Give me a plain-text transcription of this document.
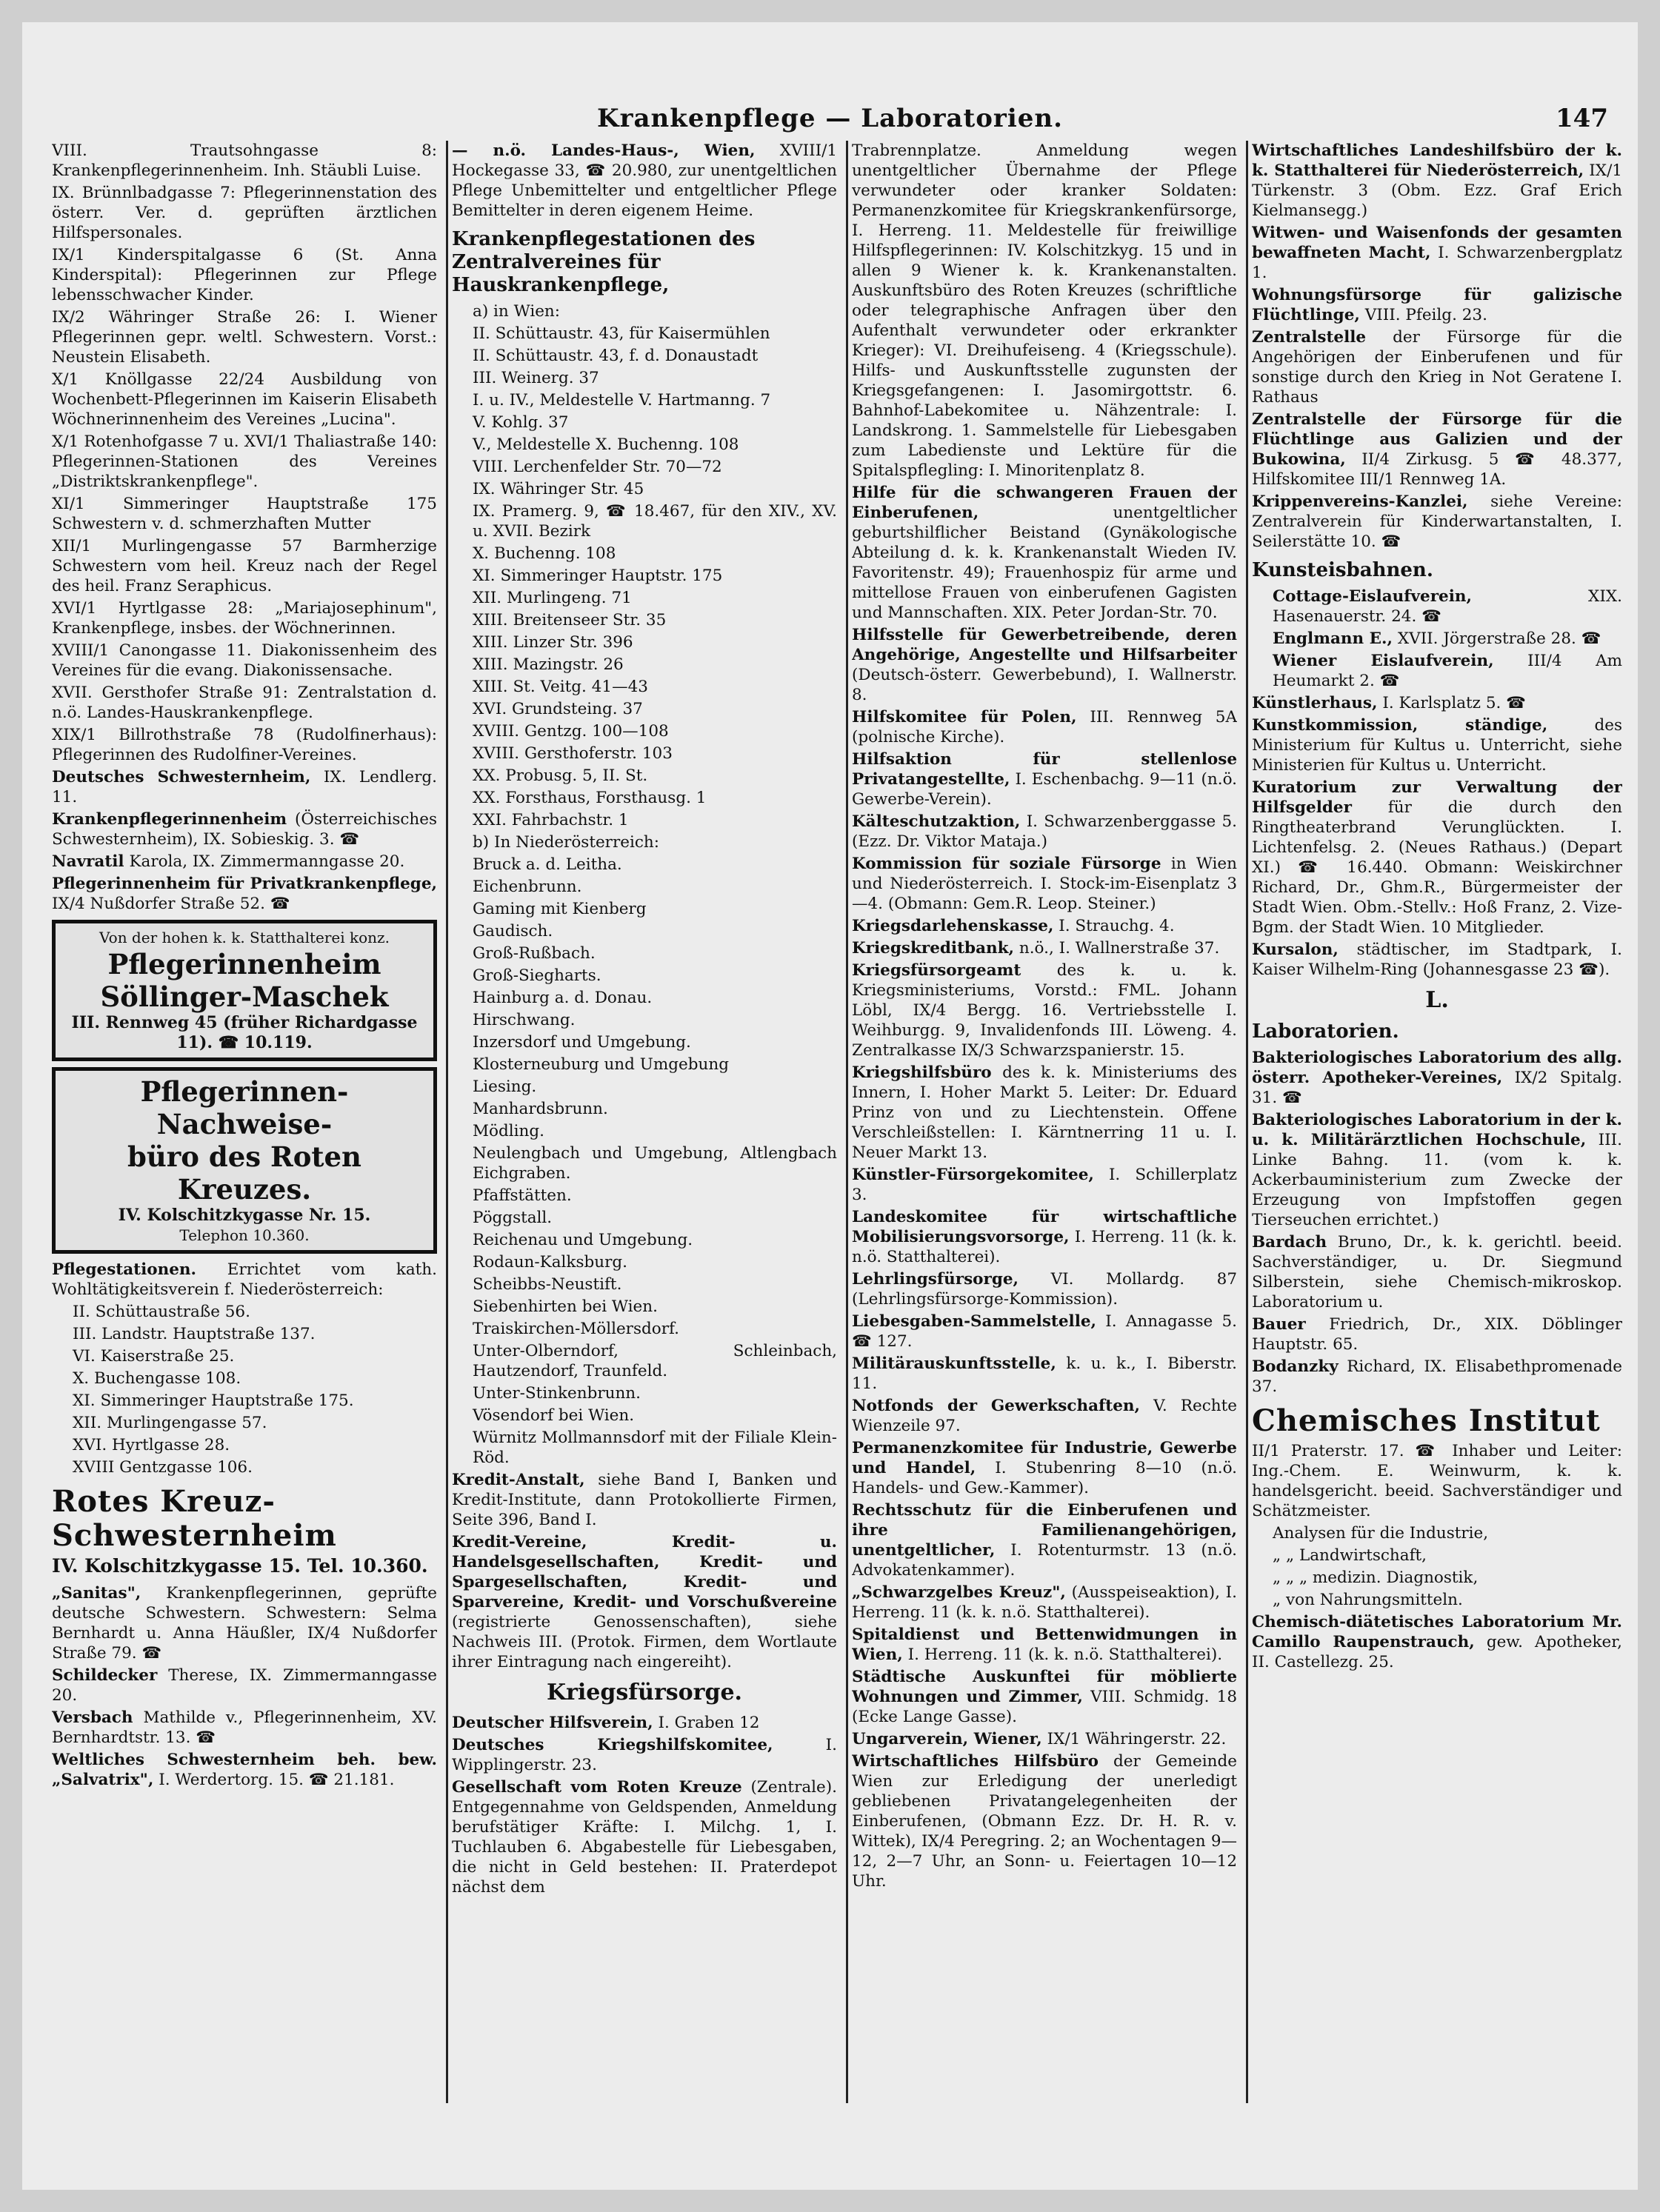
Krankenpflege — Laboratorien.	147
VIII. Trautsohngasse 8: Krankenpflegerinnenheim. Inh. Stäubli Luise.
IX. Brünnlbadgasse 7: Pflegerinnenstation des österr. Ver. d. geprüften ärztlichen Hilfspersonales.
IX/1 Kinderspitalgasse 6 (St. Anna Kinderspital): Pflegerinnen zur Pflege lebensschwacher Kinder.
IX/2 Währinger Straße 26: I. Wiener Pflegerinnen gepr. weltl. Schwestern. Vorst.: Neustein Elisabeth.
X/1 Knöllgasse 22/24 Ausbildung von Wochenbett-Pflegerinnen im Kaiserin Elisabeth Wöchnerinnenheim des Vereines „Lucina".
X/1 Rotenhofgasse 7 u. XVI/1 Thaliastraße 140: Pflegerinnen-Stationen des Vereines „Distriktskrankenpflege".
XI/1 Simmeringer Hauptstraße 175 Schwestern v. d. schmerzhaften Mutter
XII/1 Murlingengasse 57 Barmherzige Schwestern vom heil. Kreuz nach der Regel des heil. Franz Seraphicus.
XVI/1 Hyrtlgasse 28: „Mariajosephinum", Krankenpflege, insbes. der Wöchnerinnen.
XVIII/1 Canongasse 11. Diakonissenheim des Vereines für die evang. Diakonissensache.
XVII. Gersthofer Straße 91: Zentralstation d. n.ö. Landes-Hauskrankenpflege.
XIX/1 Billrothstraße 78 (Rudolfinerhaus): Pflegerinnen des Rudolfiner-Vereines.
Deutsches Schwesternheim, IX. Lendlerg. 11.
Krankenpflegerinnenheim (Österreichisches Schwesternheim), IX. Sobieskig. 3. ☎
Navratil Karola, IX. Zimmermanngasse 20.
Pflegerinnenheim für Privatkrankenpflege, IX/4 Nußdorfer Straße 52. ☎
Von der hohen k. k. Statthalterei konz.
Pflegerinnenheim
Söllinger-Maschek
III. Rennweg 45 (früher Richardgasse 11). ☎ 10.119.
Pflegerinnen-Nachweise-
büro des Roten Kreuzes.
IV. Kolschitzkygasse Nr. 15.
Telephon 10.360.
Pflegestationen. Errichtet vom kath. Wohltätigkeitsverein f. Niederösterreich:
II. Schüttaustraße 56.
III. Landstr. Hauptstraße 137.
VI. Kaiserstraße 25.
X. Buchengasse 108.
XI. Simmeringer Hauptstraße 175.
XII. Murlingengasse 57.
XVI. Hyrtlgasse 28.
XVIII Gentzgasse 106.
Rotes Kreuz-Schwesternheim
IV. Kolschitzkygasse 15. Tel. 10.360.
„Sanitas", Krankenpflegerinnen, geprüfte deutsche Schwestern. Schwestern: Selma Bernhardt u. Anna Häußler, IX/4 Nußdorfer Straße 79. ☎
Schildecker Therese, IX. Zimmermanngasse 20.
Versbach Mathilde v., Pflegerinnenheim, XV. Bernhardtstr. 13. ☎
Weltliches Schwesternheim beh. bew. „Salvatrix", I. Werdertorg. 15. ☎ 21.181.
— n.ö. Landes-Haus-, Wien, XVIII/1 Hockegasse 33, ☎ 20.980, zur unentgeltlichen Pflege Unbemittelter und entgeltlicher Pflege Bemittelter in deren eigenem Heime.
Krankenpflegestationen des Zentralvereines für Hauskrankenpflege,
a) in Wien:
II. Schüttaustr. 43, für Kaisermühlen
II. Schüttaustr. 43, f. d. Donaustadt
III. Weinerg. 37
I. u. IV., Meldestelle V. Hartmanng. 7
V. Kohlg. 37
V., Meldestelle X. Buchenng. 108
VIII. Lerchenfelder Str. 70—72
IX. Währinger Str. 45
IX. Pramerg. 9, ☎ 18.467, für den XIV., XV. u. XVII. Bezirk
X. Buchenng. 108
XI. Simmeringer Hauptstr. 175
XII. Murlingeng. 71
XIII. Breitenseer Str. 35
XIII. Linzer Str. 396
XIII. Mazingstr. 26
XIII. St. Veitg. 41—43
XVI. Grundsteing. 37
XVIII. Gentzg. 100—108
XVIII. Gersthoferstr. 103
XX. Probusg. 5, II. St.
XX. Forsthaus, Forsthausg. 1
XXI. Fahrbachstr. 1
b) In Niederösterreich:
Bruck a. d. Leitha.
Eichenbrunn.
Gaming mit Kienberg
Gaudisch.
Groß-Rußbach.
Groß-Siegharts.
Hainburg a. d. Donau.
Hirschwang.
Inzersdorf und Umgebung.
Klosterneuburg und Umgebung
Liesing.
Manhardsbrunn.
Mödling.
Neulengbach und Umgebung, Altlengbach Eichgraben.
Pfaffstätten.
Pöggstall.
Reichenau und Umgebung.
Rodaun-Kalksburg.
Scheibbs-Neustift.
Siebenhirten bei Wien.
Traiskirchen-Möllersdorf.
Unter-Olberndorf, Schleinbach, Hautzendorf, Traunfeld.
Unter-Stinkenbrunn.
Vösendorf bei Wien.
Würnitz Mollmannsdorf mit der Filiale Klein-Röd.
Kredit-Anstalt, siehe Band I, Banken und Kredit-Institute, dann Protokollierte Firmen, Seite 396, Band I.
Kredit-Vereine, Kredit- u. Handelsgesellschaften, Kredit- und Spargesellschaften, Kredit- und Sparvereine, Kredit- und Vorschußvereine (registrierte Genossenschaften), siehe Nachweis III. (Protok. Firmen, dem Wortlaute ihrer Eintragung nach eingereiht).
Kriegsfürsorge.
Deutscher Hilfsverein, I. Graben 12
Deutsches Kriegshilfskomitee,	I. Wipplingerstr. 23.
Gesellschaft vom Roten Kreuze (Zentrale). Entgegennahme von Geldspenden, Anmeldung berufstätiger Kräfte: I. Milchg. 1, I. Tuchlauben 6. Abgabestelle für Liebesgaben, die nicht in Geld bestehen: II. Praterdepot nächst dem
Trabrennplatze. Anmeldung wegen unentgeltlicher Übernahme der Pflege verwundeter oder kranker Soldaten: Permanenzkomitee für Kriegskrankenfürsorge, I. Herreng. 11. Meldestelle für freiwillige Hilfspflegerinnen: IV. Kolschitzkyg. 15 und in allen 9 Wiener k. k. Krankenanstalten. Auskunftsbüro des Roten Kreuzes (schriftliche oder telegraphische Anfragen über den Aufenthalt verwundeter oder erkrankter Krieger): VI. Dreihufeiseng. 4 (Kriegsschule). Hilfs- und Auskunftsstelle zugunsten der Kriegsgefangenen: I. Jasomirgottstr. 6. Bahnhof-Labekomitee u. Nähzentrale: I. Landskrong. 1. Sammelstelle für Liebesgaben zum Labedienste und Lektüre für die Spitalspflegling: I. Minoritenplatz 8.
Hilfe für die schwangeren Frauen der Einberufenen,	unentgeltlicher geburtshilflicher Beistand (Gynäkologische Abteilung d. k. k. Krankenanstalt Wieden IV. Favoritenstr. 49); Frauenhospiz für arme und mittellose Frauen von einberufenen Gagisten und Mannschaften. XIX. Peter Jordan-Str. 70.
Hilfsstelle für Gewerbetreibende, deren Angehörige, Angestellte und Hilfsarbeiter (Deutsch-österr. Gewerbebund), I. Wallnerstr. 8.
Hilfskomitee für Polen, III. Rennweg 5A (polnische Kirche).
Hilfsaktion für stellenlose Privatangestellte, I. Eschenbachg. 9—11 (n.ö. Gewerbe-Verein).
Kälteschutzaktion, I. Schwarzenberggasse 5. (Ezz. Dr. Viktor Mataja.)
Kommission für soziale Fürsorge in Wien und Niederösterreich. I. Stock-im-Eisenplatz 3—4. (Obmann: Gem.R. Leop. Steiner.)
Kriegsdarlehenskasse, I. Strauchg. 4.
Kriegskreditbank, n.ö., I. Wallnerstraße 37.
Kriegsfürsorgeamt des k. u. k. Kriegsministeriums, Vorstd.: FML. Johann Löbl, IX/4 Bergg. 16. Vertriebsstelle I. Weihburgg. 9, Invalidenfonds III. Löweng. 4. Zentralkasse IX/3 Schwarzspanierstr. 15.
Kriegshilfsbüro des k. k. Ministeriums des Innern, I. Hoher Markt 5. Leiter: Dr. Eduard Prinz von und zu Liechtenstein. Offene Verschleißstellen: I. Kärntnerring 11 u. I. Neuer Markt 13.
Künstler-Fürsorgekomitee, I. Schillerplatz 3.
Landeskomitee für wirtschaftliche Mobilisierungsvorsorge, I. Herreng. 11 (k. k. n.ö. Statthalterei).
Lehrlingsfürsorge, VI. Mollardg. 87 (Lehrlingsfürsorge-Kommission).
Liebesgaben-Sammelstelle, I. Annagasse 5. ☎ 127.
Militärauskunftsstelle, k. u. k., I. Biberstr. 11.
Notfonds der Gewerkschaften, V. Rechte Wienzeile 97.
Permanenzkomitee für Industrie, Gewerbe und Handel, I. Stubenring 8—10 (n.ö. Handels- und Gew.-Kammer).
Rechtsschutz für die Einberufenen und ihre Familienangehörigen, unentgeltlicher, I. Rotenturmstr. 13 (n.ö. Advokatenkammer).
„Schwarzgelbes Kreuz", (Ausspeiseaktion), I. Herreng. 11 (k. k. n.ö. Statthalterei).
Spitaldienst und Bettenwidmungen in Wien, I. Herreng. 11 (k. k. n.ö. Statthalterei).
Städtische Auskunftei für möblierte Wohnungen und Zimmer, VIII. Schmidg. 18 (Ecke Lange Gasse).
Ungarverein, Wiener, IX/1 Währingerstr. 22.
Wirtschaftliches Hilfsbüro der Gemeinde Wien zur Erledigung der unerledigt gebliebenen Privatangelegenheiten der Einberufenen, (Obmann Ezz. Dr. H. R. v. Wittek), IX/4 Peregring. 2; an Wochentagen 9—12, 2—7 Uhr, an Sonn- u. Feiertagen 10—12 Uhr.
Wirtschaftliches Landeshilfsbüro der k. k. Statthalterei für Niederösterreich, IX/1 Türkenstr. 3 (Obm. Ezz. Graf Erich Kielmansegg.)
Witwen- und Waisenfonds der gesamten bewaffneten Macht, I. Schwarzenbergplatz 1.
Wohnungsfürsorge für galizische Flüchtlinge, VIII. Pfeilg. 23.
Zentralstelle der Fürsorge für die Angehörigen der Einberufenen und für sonstige durch den Krieg in Not Geratene I. Rathaus
Zentralstelle der Fürsorge für die Flüchtlinge aus Galizien und der Bukowina, II/4 Zirkusg. 5 ☎ 48.377, Hilfskomitee III/1 Rennweg 1A.
Krippenvereins-Kanzlei, siehe Vereine: Zentralverein für Kinderwartanstalten, I. Seilerstätte 10. ☎
Kunsteisbahnen.
Cottage-Eislaufverein,	XIX. Hasenauerstr. 24. ☎
Englmann E., XVII. Jörgerstraße 28. ☎
Wiener Eislaufverein, III/4 Am Heumarkt 2. ☎
Künstlerhaus, I. Karlsplatz 5. ☎
Kunstkommission, ständige,	des Ministerium für Kultus u. Unterricht, siehe Ministerien für Kultus u. Unterricht.
Kuratorium zur Verwaltung der Hilfsgelder für die durch den Ringtheaterbrand Verunglückten. I. Lichtenfelsg. 2. (Neues Rathaus.) (Depart XI.) ☎ 16.440. Obmann: Weiskirchner Richard, Dr., Ghm.R., Bürgermeister der Stadt Wien. Obm.-Stellv.: Hoß Franz, 2. Vize-Bgm. der Stadt Wien. 10 Mitglieder.
Kursalon, städtischer, im Stadtpark, I. Kaiser Wilhelm-Ring (Johannesgasse 23 ☎).
L.
Laboratorien.
Bakteriologisches Laboratorium des allg. österr. Apotheker-Vereines, IX/2 Spitalg. 31. ☎
Bakteriologisches Laboratorium in der k. u. k. Militärärztlichen Hochschule, III. Linke Bahng. 11. (vom k. k. Ackerbauministerium zum Zwecke der Erzeugung von Impfstoffen gegen Tierseuchen errichtet.)
Bardach Bruno, Dr., k. k. gerichtl. beeid. Sachverständiger, u. Dr. Siegmund Silberstein, siehe Chemisch-mikroskop. Laboratorium u.
Bauer Friedrich, Dr., XIX. Döblinger Hauptstr. 65.
Bodanzky Richard, IX. Elisabethpromenade 37.
Chemisches Institut
II/1 Praterstr. 17. ☎ Inhaber und Leiter: Ing.-Chem. E. Weinwurm, k. k. handelsgericht. beeid. Sachverständiger und Schätzmeister.
Analysen für die Industrie,
„ „ Landwirtschaft,
„ „ „ medizin. Diagnostik,
„ von Nahrungsmitteln.
Chemisch-diätetisches Laboratorium Mr. Camillo Raupenstrauch, gew. Apotheker, II. Castellezg. 25.
